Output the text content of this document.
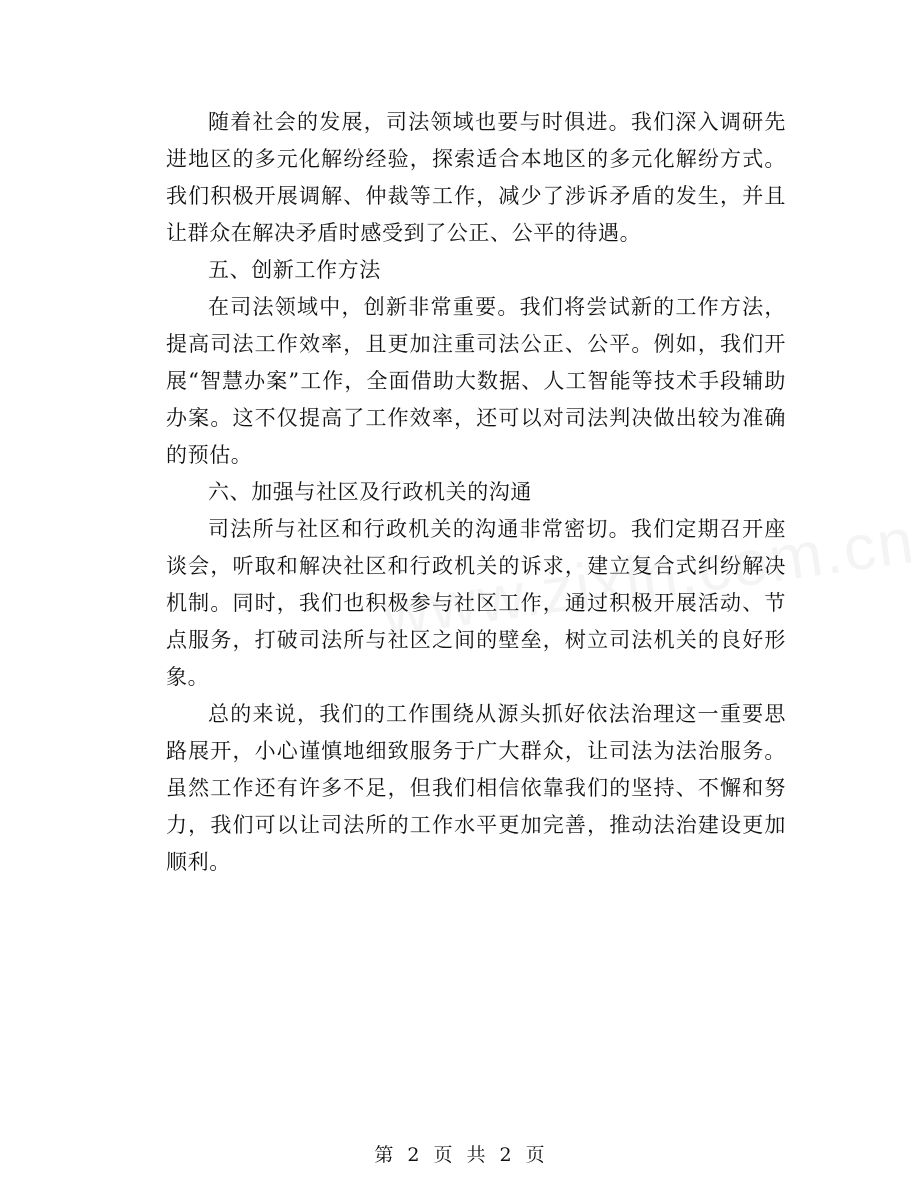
随着社会的发展，司法领域也要与时俱进。我们深入调研先进地区的多元化解纷经验，探索适合本地区的多元化解纷方式。我们积极开展调解、仲裁等工作，减少了涉诉矛盾的发生，并且让群众在解决矛盾时感受到了公正、公平的待遇。

五、创新工作方法

在司法领域中，创新非常重要。我们将尝试新的工作方法，提高司法工作效率，且更加注重司法公正、公平。例如，我们开展“智慧办案”工作，全面借助大数据、人工智能等技术手段辅助办案。这不仅提高了工作效率，还可以对司法判决做出较为准确的预估。

六、加强与社区及行政机关的沟通

司法所与社区和行政机关的沟通非常密切。我们定期召开座谈会，听取和解决社区和行政机关的诉求，建立复合式纠纷解决机制。同时，我们也积极参与社区工作，通过积极开展活动、节点服务，打破司法所与社区之间的壁垒，树立司法机关的良好形象。

总的来说，我们的工作围绕从源头抓好依法治理这一重要思路展开，小心谨慎地细致服务于广大群众，让司法为法治服务。虽然工作还有许多不足，但我们相信依靠我们的坚持、不懈和努力，我们可以让司法所的工作水平更加完善，推动法治建设更加顺利。

第 2 页 共 2 页
